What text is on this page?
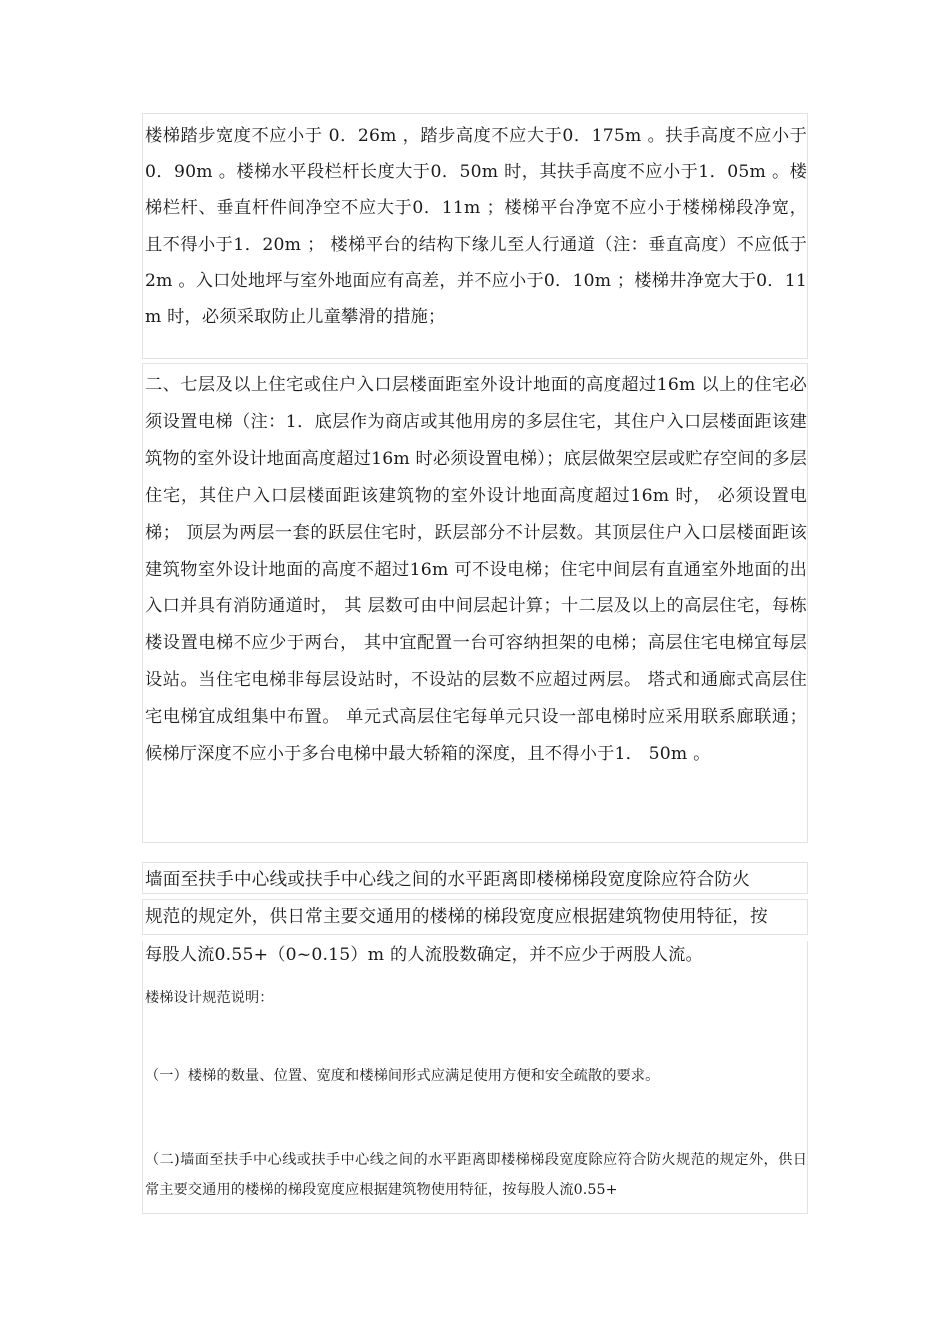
楼梯踏步宽度不应小于 0．26m ，踏步高度不应大于0．175m 。扶手高度不应小于0．90m 。楼梯水平段栏杆长度大于0．50m 时，其扶手高度不应小于1．05m 。楼梯栏杆、垂直杆件间净空不应大于0．11m ；楼梯平台净宽不应小于楼梯梯段净宽，且不得小于1．20m ； 楼梯平台的结构下缘儿至人行通道（注：垂直高度）不应低于2m 。入口处地坪与室外地面应有高差，并不应小于0．10m ；楼梯井净宽大于0．11m 时，必须采取防止儿童攀滑的措施；

二、七层及以上住宅或住户入口层楼面距室外设计地面的高度超过16m 以上的住宅必须设置电梯（注：1．底层作为商店或其他用房的多层住宅，其住户入口层楼面距该建筑物的室外设计地面高度超过16m 时必须设置电梯）；底层做架空层或贮存空间的多层住宅，其住户入口层楼面距该建筑物的室外设计地面高度超过16m 时， 必须设置电梯； 顶层为两层一套的跃层住宅时，跃层部分不计层数。其顶层住户入口层楼面距该建筑物室外设计地面的高度不超过16m 可不设电梯；住宅中间层有直通室外地面的出入口并具有消防通道时， 其 层数可由中间层起计算；十二层及以上的高层住宅，每栋楼设置电梯不应少于两台， 其中宜配置一台可容纳担架的电梯；高层住宅电梯宜每层设站。当住宅电梯非每层设站时，不设站的层数不应超过两层。 塔式和通廊式高层住宅电梯宜成组集中布置。 单元式高层住宅每单元只设一部电梯时应采用联系廊联通；候梯厅深度不应小于多台电梯中最大轿箱的深度，且不得小于1． 50m 。

墙面至扶手中心线或扶手中心线之间的水平距离即楼梯梯段宽度除应符合防火

规范的规定外，供日常主要交通用的楼梯的梯段宽度应根据建筑物使用特征，按

每股人流0.55+（0~0.15）m 的人流股数确定，并不应少于两股人流。

楼梯设计规范说明：

（一）楼梯的数量、位置、宽度和楼梯间形式应满足使用方便和安全疏散的要求。

（二)墙面至扶手中心线或扶手中心线之间的水平距离即楼梯梯段宽度除应符合防火规范的规定外，供日常主要交通用的楼梯的梯段宽度应根据建筑物使用特征，按每股人流0.55+
